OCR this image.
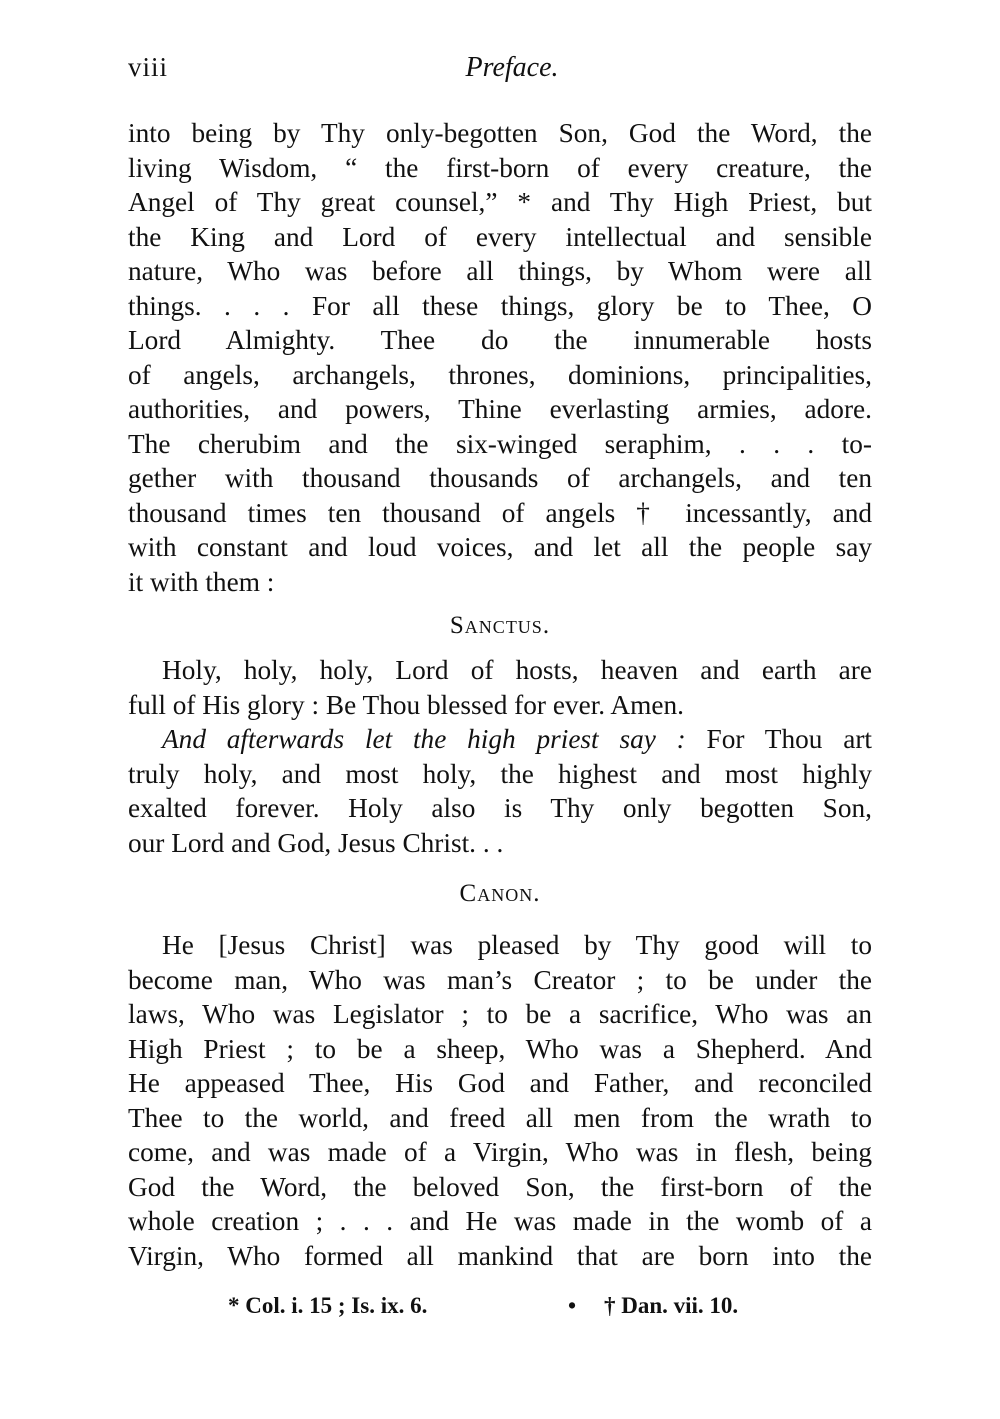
viii	Preface.
into being by Thy only-begotten Son, God the Word, the
living Wisdom, “ the first-born of every creature, the
Angel of Thy great counsel,” * and Thy High Priest, but
the King and Lord of every intellectual and sensible
nature, Who was before all things, by Whom were all
things. . . . For all these things, glory be to Thee, O
Lord Almighty. Thee do the innumerable hosts
of angels, archangels, thrones, dominions, principalities,
authorities, and powers, Thine everlasting armies, adore.
The cherubim and the six-winged seraphim, . . . to-
gether with thousand thousands of archangels, and ten
thousand times ten thousand of angels † incessantly, and
with constant and loud voices, and let all the people say
it with them :
Sanctus.
Holy, holy, holy, Lord of hosts, heaven and earth are
full of His glory : Be Thou blessed for ever. Amen.
And afterwards let the high priest say : For Thou art
truly holy, and most holy, the highest and most highly
exalted forever. Holy also is Thy only begotten Son,
our Lord and God, Jesus Christ. . .
Canon.
He [Jesus Christ] was pleased by Thy good will to
become man, Who was man’s Creator ; to be under the
laws, Who was Legislator ; to be a sacrifice, Who was an
High Priest ; to be a sheep, Who was a Shepherd. And
He appeased Thee, His God and Father, and reconciled
Thee to the world, and freed all men from the wrath to
come, and was made of a Virgin, Who was in flesh, being
God the Word, the beloved Son, the first-born of the
whole creation ; . . . and He was made in the womb of a
Virgin, Who formed all mankind that are born into the
* Col. i. 15 ; Is. ix. 6.	• † Dan. vii. 10.
